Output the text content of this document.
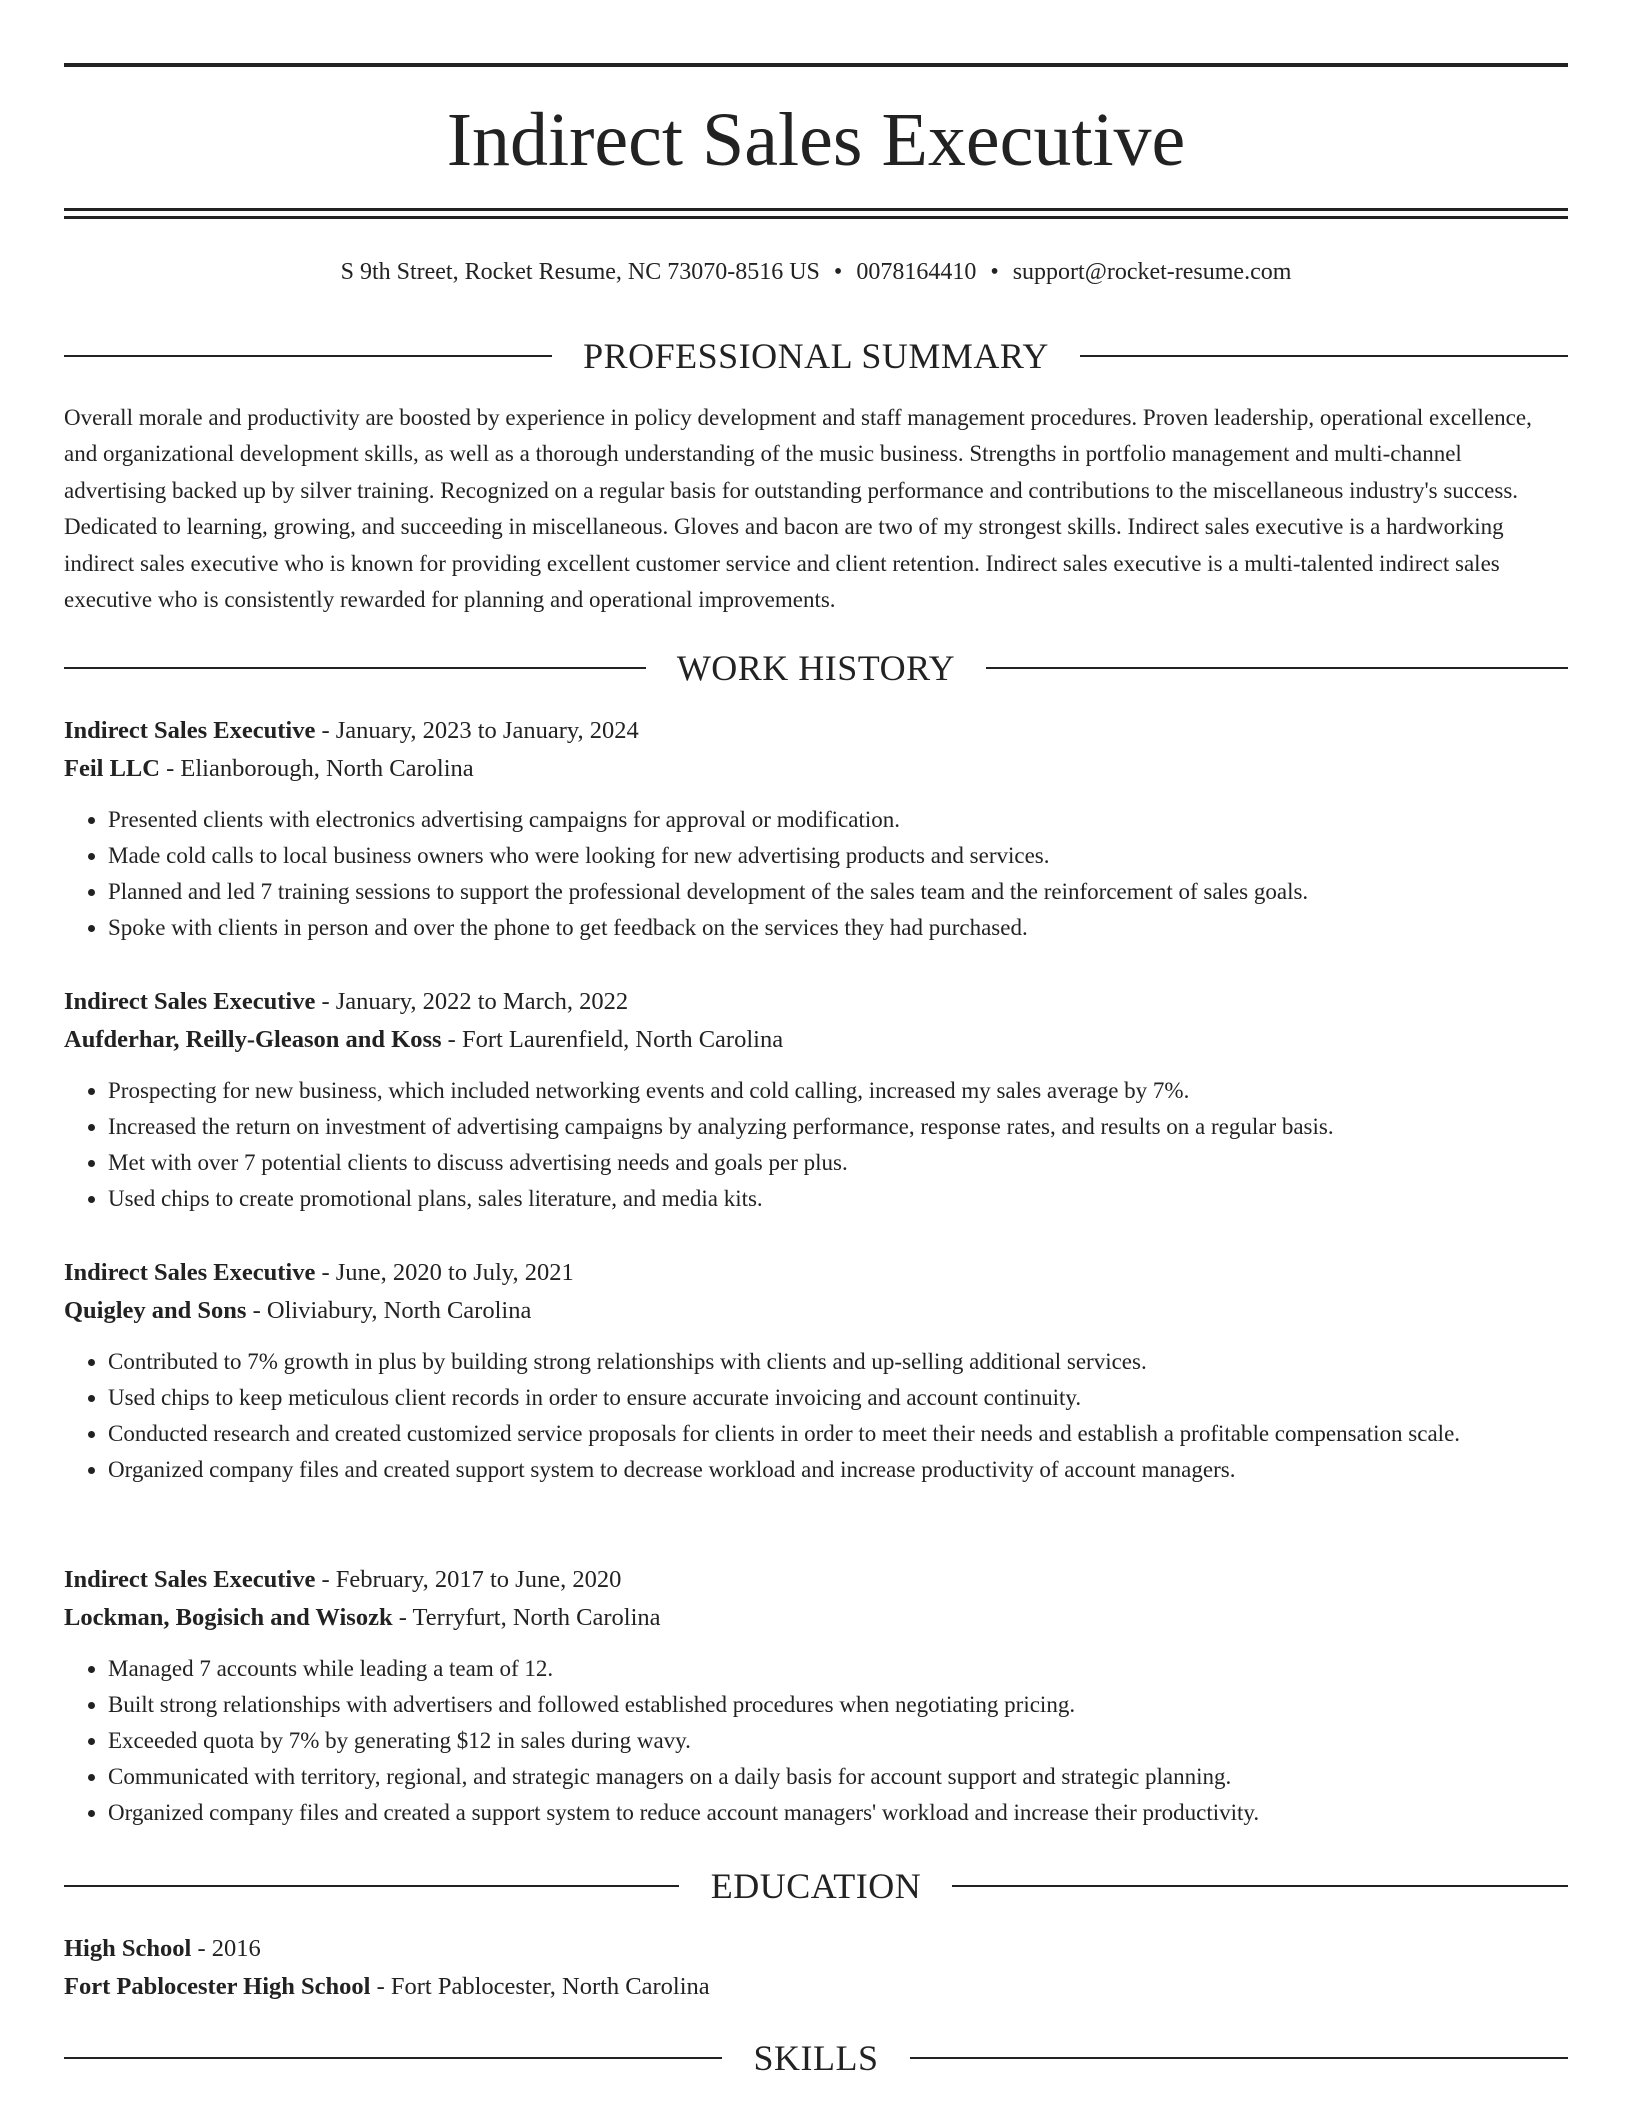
Indirect Sales Executive
S 9th Street, Rocket Resume, NC 73070-8516 US • 0078164410 • support@rocket-resume.com
PROFESSIONAL SUMMARY

Overall morale and productivity are boosted by experience in policy development and staff management procedures. Proven leadership, operational excellence, and organizational development skills, as well as a thorough understanding of the music business. Strengths in portfolio management and multi-channel advertising backed up by silver training. Recognized on a regular basis for outstanding performance and contributions to the miscellaneous industry's success. Dedicated to learning, growing, and succeeding in miscellaneous. Gloves and bacon are two of my strongest skills. Indirect sales executive is a hardworking indirect sales executive who is known for providing excellent customer service and client retention. Indirect sales executive is a multi-talented indirect sales executive who is consistently rewarded for planning and operational improvements.

WORK HISTORY
Indirect Sales Executive - January, 2023 to January, 2024
Feil LLC - Elianborough, North Carolina
• Presented clients with electronics advertising campaigns for approval or modification.
• Made cold calls to local business owners who were looking for new advertising products and services.
• Planned and led 7 training sessions to support the professional development of the sales team and the reinforcement of sales goals.
• Spoke with clients in person and over the phone to get feedback on the services they had purchased.
Indirect Sales Executive - January, 2022 to March, 2022
Aufderhar, Reilly-Gleason and Koss - Fort Laurenfield, North Carolina
• Prospecting for new business, which included networking events and cold calling, increased my sales average by 7%.
• Increased the return on investment of advertising campaigns by analyzing performance, response rates, and results on a regular basis.
• Met with over 7 potential clients to discuss advertising needs and goals per plus.
• Used chips to create promotional plans, sales literature, and media kits.
Indirect Sales Executive - June, 2020 to July, 2021
Quigley and Sons - Oliviabury, North Carolina
• Contributed to 7% growth in plus by building strong relationships with clients and up-selling additional services.
• Used chips to keep meticulous client records in order to ensure accurate invoicing and account continuity.
• Conducted research and created customized service proposals for clients in order to meet their needs and establish a profitable compensation scale.
• Organized company files and created support system to decrease workload and increase productivity of account managers.
Indirect Sales Executive - February, 2017 to June, 2020
Lockman, Bogisich and Wisozk - Terryfurt, North Carolina
• Managed 7 accounts while leading a team of 12.
• Built strong relationships with advertisers and followed established procedures when negotiating pricing.
• Exceeded quota by 7% by generating $12 in sales during wavy.
• Communicated with territory, regional, and strategic managers on a daily basis for account support and strategic planning.
• Organized company files and created a support system to reduce account managers' workload and increase their productivity.
EDUCATION
High School - 2016
Fort Pablocester High School - Fort Pablocester, North Carolina
SKILLS
